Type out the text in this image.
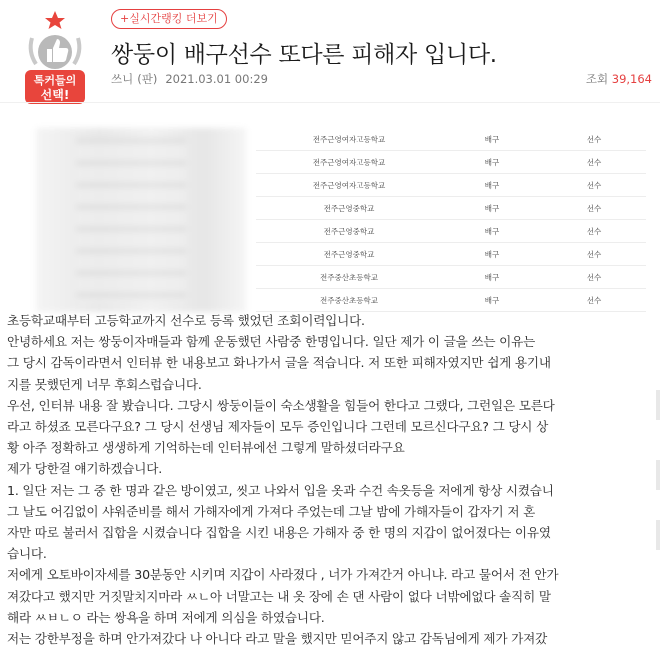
톡커들의
선택!
+실시간랭킹 더보기
쌍둥이 배구선수 또다른 피해자 입니다.
쓰니 (판) 2021.03.01 00:29	조회 39,164
전주근영여자고등학교	배구	선수
전주근영여자고등학교	배구	선수
전주근영여자고등학교	배구	선수
전주근영중학교	배구	선수
전주근영중학교	배구	선수
전주근영중학교	배구	선수
전주중산초등학교	배구	선수
전주중산초등학교	배구	선수

초등학교때부터 고등학교까지 선수로 등록 했었던 조회이력입니다.

안녕하세요 저는 쌍둥이자매들과 함께 운동했던 사람중 한명입니다. 일단 제가 이 글을 쓰는 이유는

그 당시 감독이라면서 인터뷰 한 내용보고 화나가서 글을 적습니다. 저 또한 피해자였지만 쉽게 용기내

지를 못했던게 너무 후회스럽습니다.

우선, 인터뷰 내용 잘 봤습니다. 그당시 쌍둥이들이 숙소생활을 힘들어 한다고 그랬다, 그런일은 모른다

라고 하셨죠 모른다구요? 그 당시 선생님 제자들이 모두 증인입니다 그런데 모르신다구요? 그 당시 상

황 아주 정확하고 생생하게 기억하는데 인터뷰에선 그렇게 말하셨더라구요

제가 당한걸 얘기하겠습니다.

1. 일단 저는 그 중 한 명과 같은 방이였고, 씻고 나와서 입을 옷과 수건 속옷등을 저에게 항상 시켰습니

그 날도 어김없이 샤워준비를 해서 가해자에게 가져다 주었는데 그날 밤에 가해자들이 갑자기 저 혼

자만 따로 불러서 집합을 시켰습니다 집합을 시킨 내용은 가해자 중 한 명의 지갑이 없어졌다는 이유였

습니다.

저에게 오토바이자세를 30분동안 시키며 지갑이 사라졌다 , 너가 가져간거 아니냐. 라고 물어서 전 안가

져갔다고 했지만 거짓말치지마라 ㅆㄴ아 너말고는 내 옷 장에 손 댄 사람이 없다 너밖에없다 솔직히 말

해라 ㅆㅂㄴㅇ 라는 쌍욕을 하며 저에게 의심을 하였습니다.

저는 강한부정을 하며 안가져갔다 나 아니다 라고 말을 했지만 믿어주지 않고 감독님에게 제가 가져갔
